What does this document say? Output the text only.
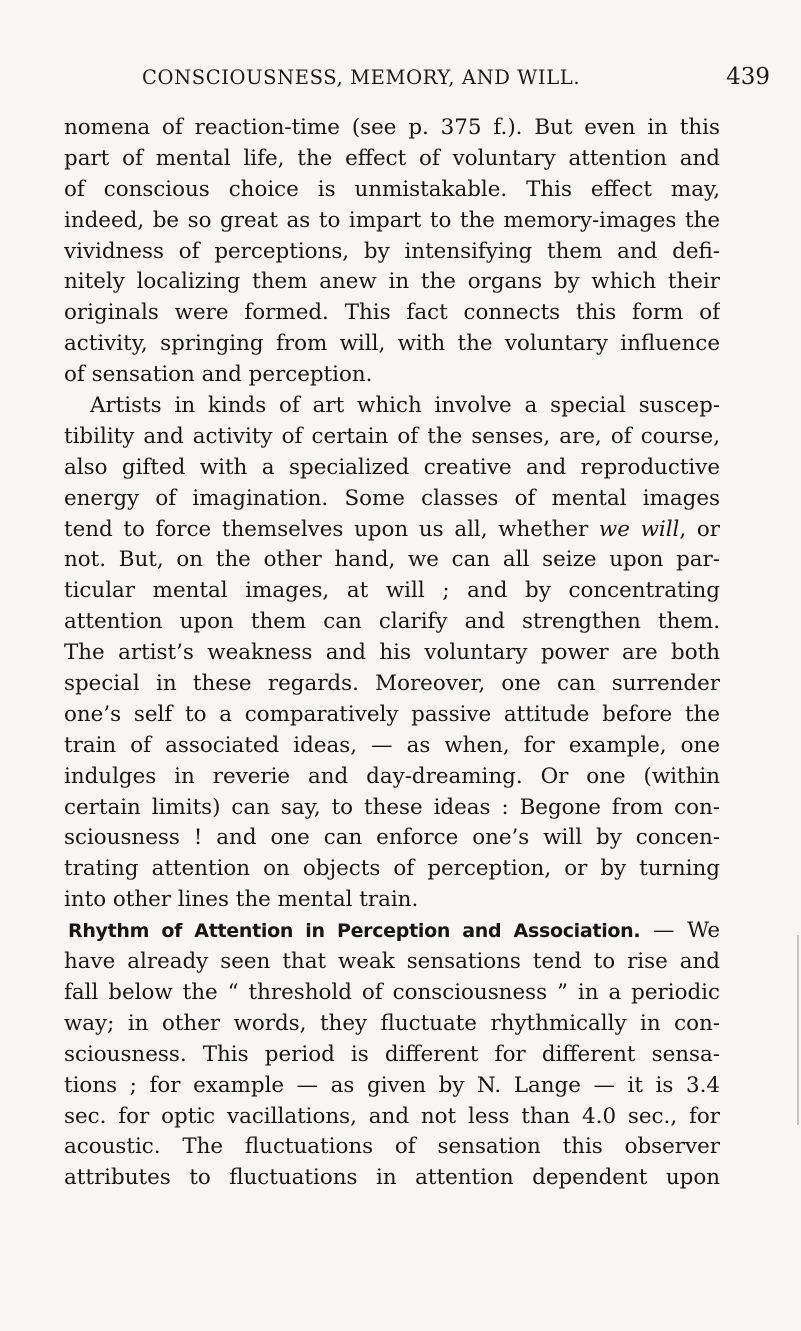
CONSCIOUSNESS, MEMORY, AND WILL.	439
nomena of reaction-time (see p. 375 f.). But even in this
part of mental life, the effect of voluntary attention and
of conscious choice is unmistakable. This effect may,
indeed, be so great as to impart to the memory-images the
vividness of perceptions, by intensifying them and defi-
nitely localizing them anew in the organs by which their
originals were formed. This fact connects this form of
activity, springing from will, with the voluntary influence
of sensation and perception.
Artists in kinds of art which involve a special suscep-
tibility and activity of certain of the senses, are, of course,
also gifted with a specialized creative and reproductive
energy of imagination. Some classes of mental images
tend to force themselves upon us all, whether we will, or
not. But, on the other hand, we can all seize upon par-
ticular mental images, at will ; and by concentrating
attention upon them can clarify and strengthen them.
The artist’s weakness and his voluntary power are both
special in these regards. Moreover, one can surrender
one’s self to a comparatively passive attitude before the
train of associated ideas, — as when, for example, one
indulges in reverie and day-dreaming. Or one (within
certain limits) can say, to these ideas : Begone from con-
sciousness ! and one can enforce one’s will by concen-
trating attention on objects of perception, or by turning
into other lines the mental train.
Rhythm of Attention in Perception and Association. — We
have already seen that weak sensations tend to rise and
fall below the “ threshold of consciousness ” in a periodic
way; in other words, they fluctuate rhythmically in con-
sciousness. This period is different for different sensa-
tions ; for example — as given by N. Lange — it is 3.4
sec. for optic vacillations, and not less than 4.0 sec., for
acoustic. The fluctuations of sensation this observer
attributes to fluctuations in attention dependent upon
